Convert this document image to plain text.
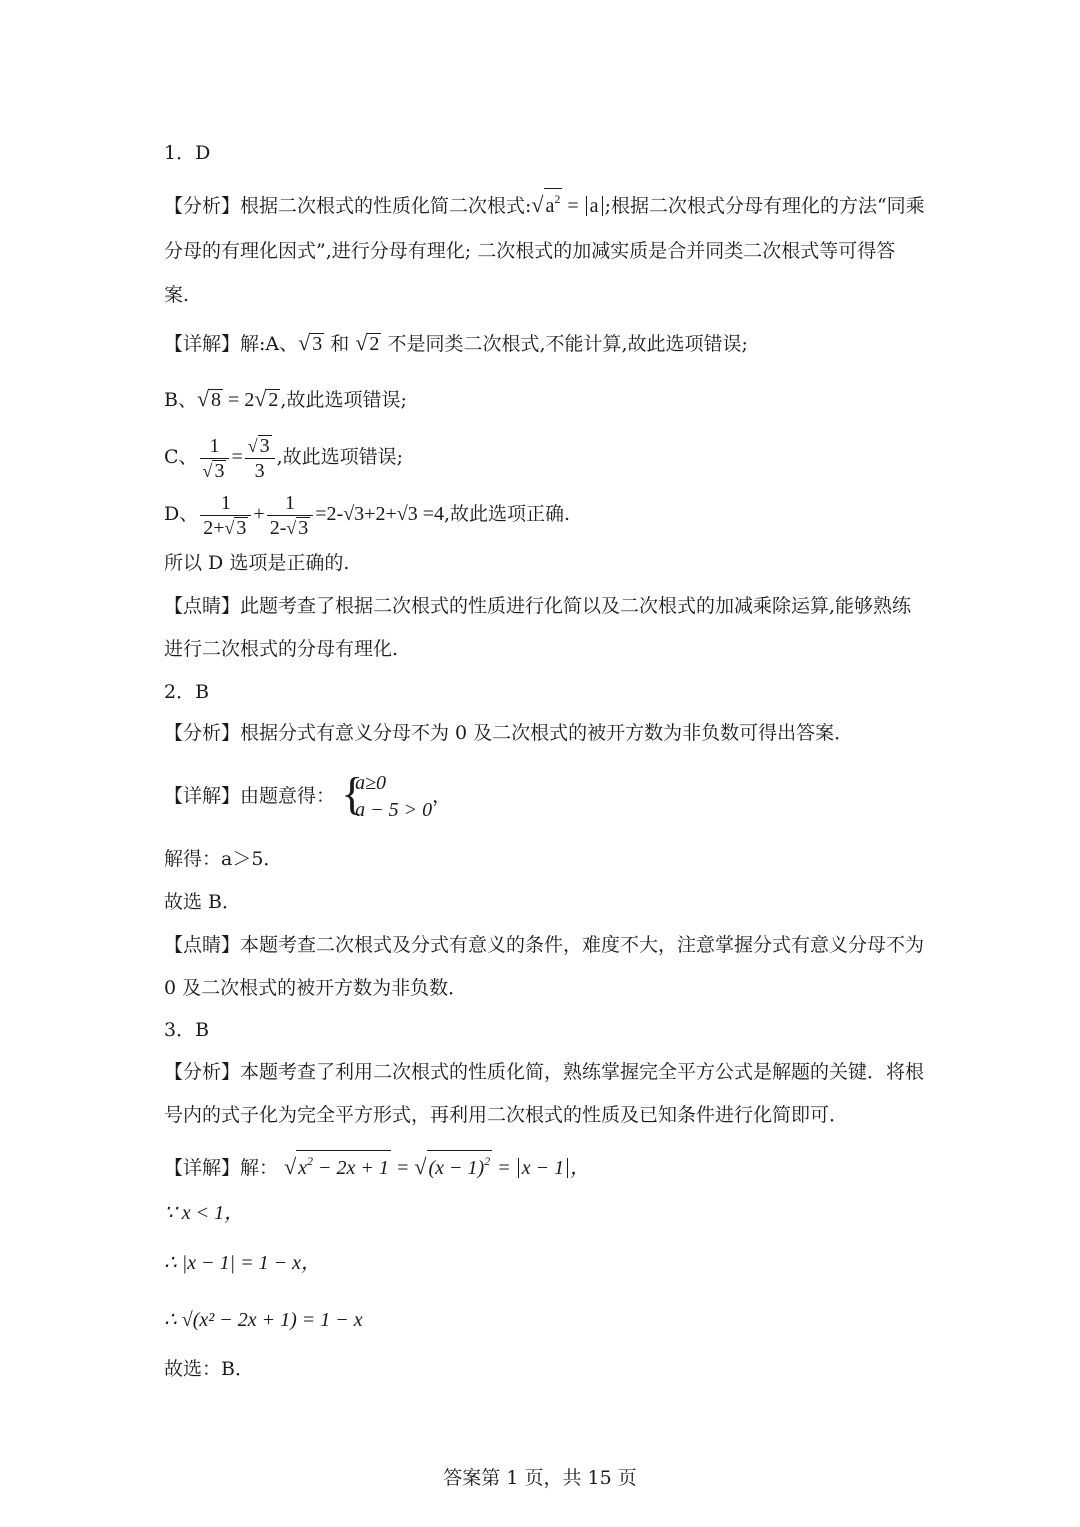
1．D
【分析】根据二次根式的性质化简二次根式:√ $a^2 = a$ ;根据二次根式分母有理化的方法“同乘
分母的有理化因式”,进行分母有理化; 二次根式的加减实质是合并同类二次根式等可得答
案.
【详解】解:A、√ 3 和 √ 2 不是同类二次根式,不能计算,故此选项错误;
B、√ 8 = 2√ 2 ,故此选项错误;
C、 $\frac{1}{√ 3} = \frac{√ 3}{3}$ ,故此选项错误;
D、 $\frac{1}{2+√ 3} + \frac{1}{2-√ 3} =2-√3+2+√3 =4$,故此选项正确.
所以 D 选项是正确的.
【点睛】此题考查了根据二次根式的性质进行化简以及二次根式的加减乘除运算,能够熟练
进行二次根式的分母有理化.
2．B
【分析】根据分式有意义分母不为 0 及二次根式的被开方数为非负数可得出答案．
【详解】由题意得： {
a≥0
a − 5 > 0
，
解得：a＞5．
故选 B．
【点睛】本题考查二次根式及分式有意义的条件，难度不大，注意掌握分式有意义分母不为
0 及二次根式的被开方数为非负数．
3．B
【分析】本题考查了利用二次根式的性质化简，熟练掌握完全平方公式是解题的关键．将根
号内的式子化为完全平方形式，再利用二次根式的性质及已知条件进行化简即可．
【详解】解： √ $x^2 - 2x + 1$ = √ $(x - 1)^2 = x - 1$ ，
∵ x < 1，
∴ |x − 1| = 1 − x，
∴ √(x² − 2x + 1) = 1 − x
故选：B．
答案第 1 页，共 15 页
